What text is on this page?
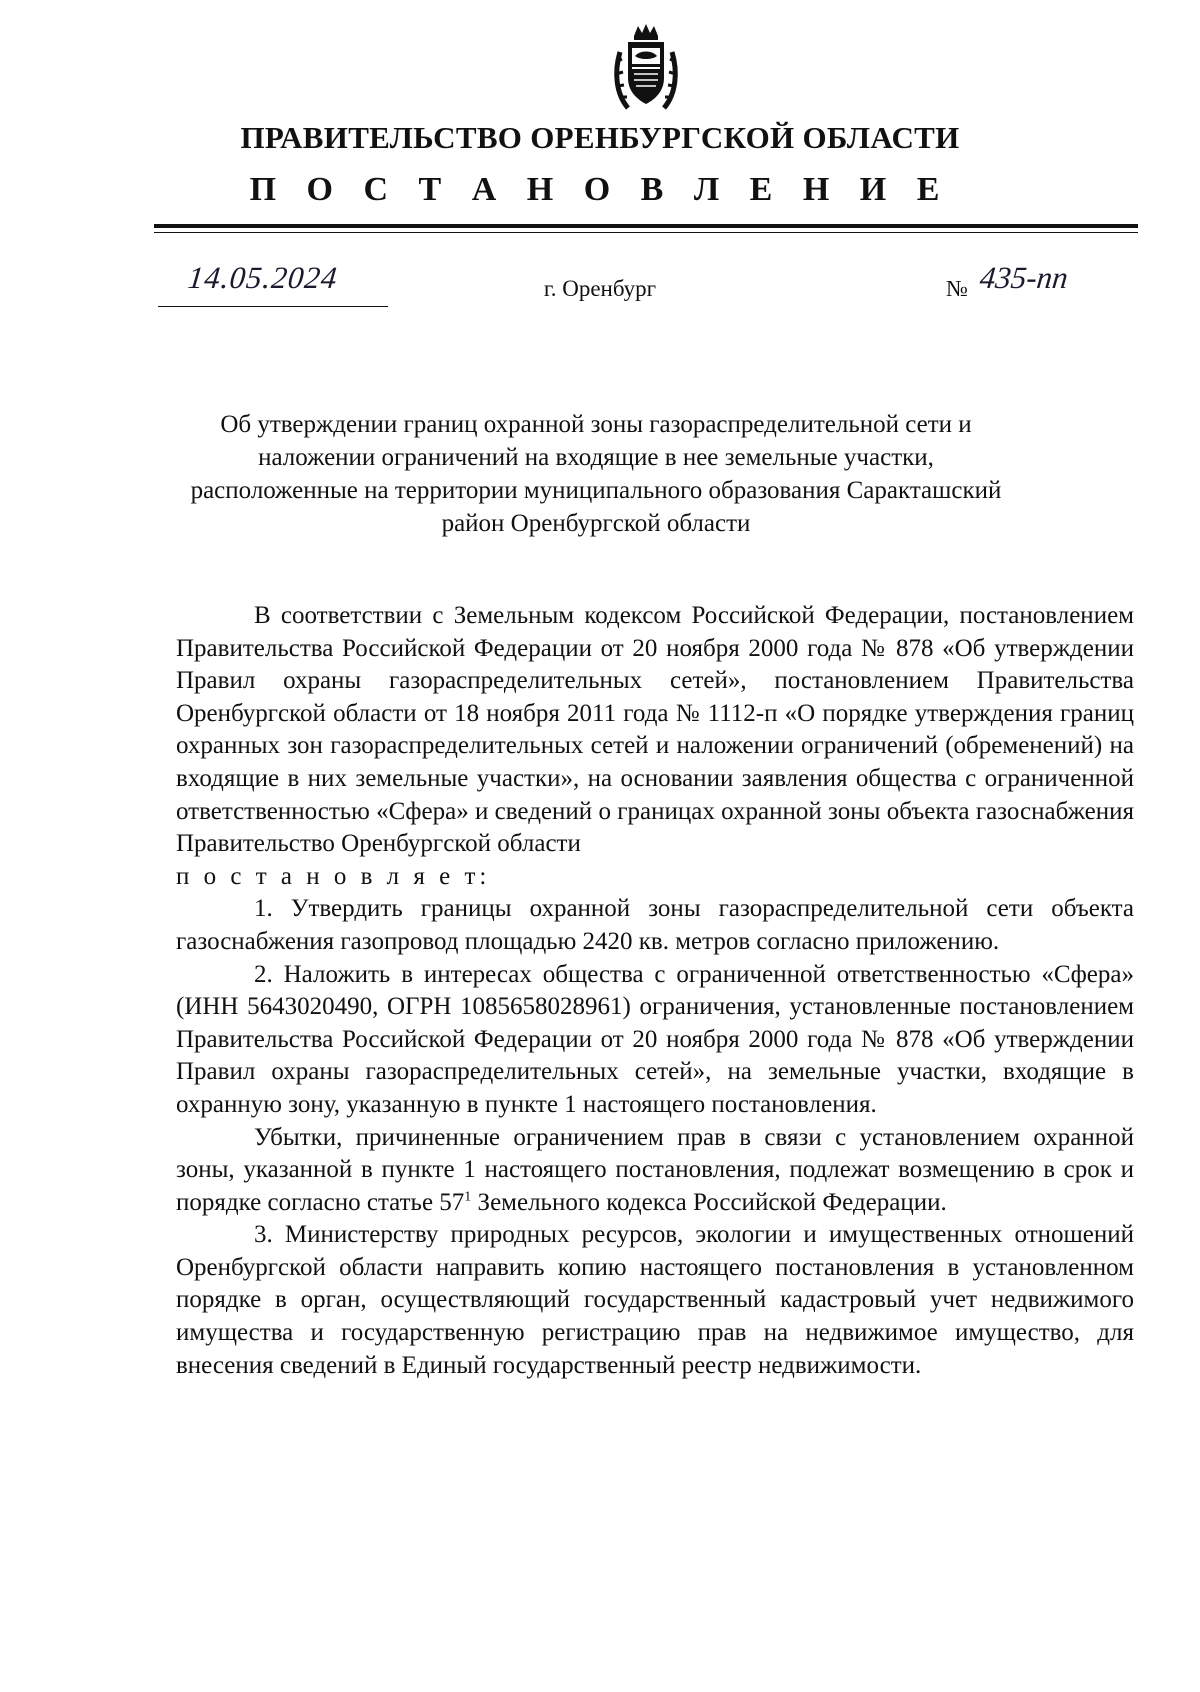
ПРАВИТЕЛЬСТВО ОРЕНБУРГСКОЙ ОБЛАСТИ
П О С Т А Н О В Л Е Н И Е
14.05.2024	г. Оренбург	№ 435-пп

Об утверждении границ охранной зоны газораспределительной сети и наложении ограничений на входящие в нее земельные участки, расположенные на территории муниципального образования Саракташский район Оренбургской области

В соответствии с Земельным кодексом Российской Федерации, постановлением Правительства Российской Федерации от 20 ноября 2000 года № 878 «Об утверждении Правил охраны газораспределительных сетей», постановлением Правительства Оренбургской области от 18 ноября 2011 года № 1112-п «О порядке утверждения границ охранных зон газораспределительных сетей и наложении ограничений (обременений) на входящие в них земельные участки», на основании заявления общества с ограниченной ответственностью «Сфера» и сведений о границах охранной зоны объекта газоснабжения Правительство Оренбургской области

п о с т а н о в л я е т:

1. Утвердить границы охранной зоны газораспределительной сети объекта газоснабжения газопровод площадью 2420 кв. метров согласно приложению.

2. Наложить в интересах общества с ограниченной ответственностью «Сфера» (ИНН 5643020490, ОГРН 1085658028961) ограничения, установленные постановлением Правительства Российской Федерации от 20 ноября 2000 года № 878 «Об утверждении Правил охраны газораспределительных сетей», на земельные участки, входящие в охранную зону, указанную в пункте 1 настоящего постановления.

Убытки, причиненные ограничением прав в связи с установлением охранной зоны, указанной в пункте 1 настоящего постановления, подлежат возмещению в срок и порядке согласно статье $57^1$ Земельного кодекса Российской Федерации.

3. Министерству природных ресурсов, экологии и имущественных отношений Оренбургской области направить копию настоящего постановления в установленном порядке в орган, осуществляющий государственный кадастровый учет недвижимого имущества и государственную регистрацию прав на недвижимое имущество, для внесения сведений в Единый государственный реестр недвижимости.
